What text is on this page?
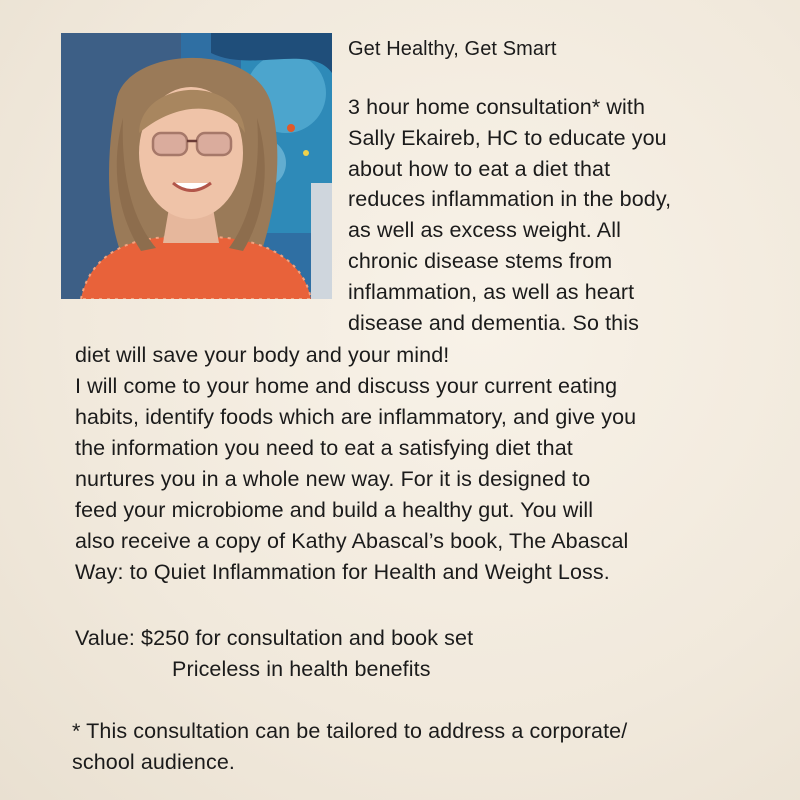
Get Healthy, Get Smart
3 hour home consultation* with
Sally Ekaireb, HC to educate you
about how to eat a diet that
reduces inflammation in the body,
as well as excess weight. All
chronic disease stems from
inflammation, as well as heart
disease and dementia. So this
diet will save your body and your mind!
I will come to your home and discuss your current eating
habits, identify foods which are inflammatory, and give you
the information you need to eat a satisfying diet that
nurtures you in a whole new way. For it is designed to
feed your microbiome and build a healthy gut. You will
also receive a copy of Kathy Abascal’s book, The Abascal
Way: to Quiet Inflammation for Health and Weight Loss.
Value: $250 for consultation and book set
Priceless in health benefits
* This consultation can be tailored to address a corporate/
school audience.
